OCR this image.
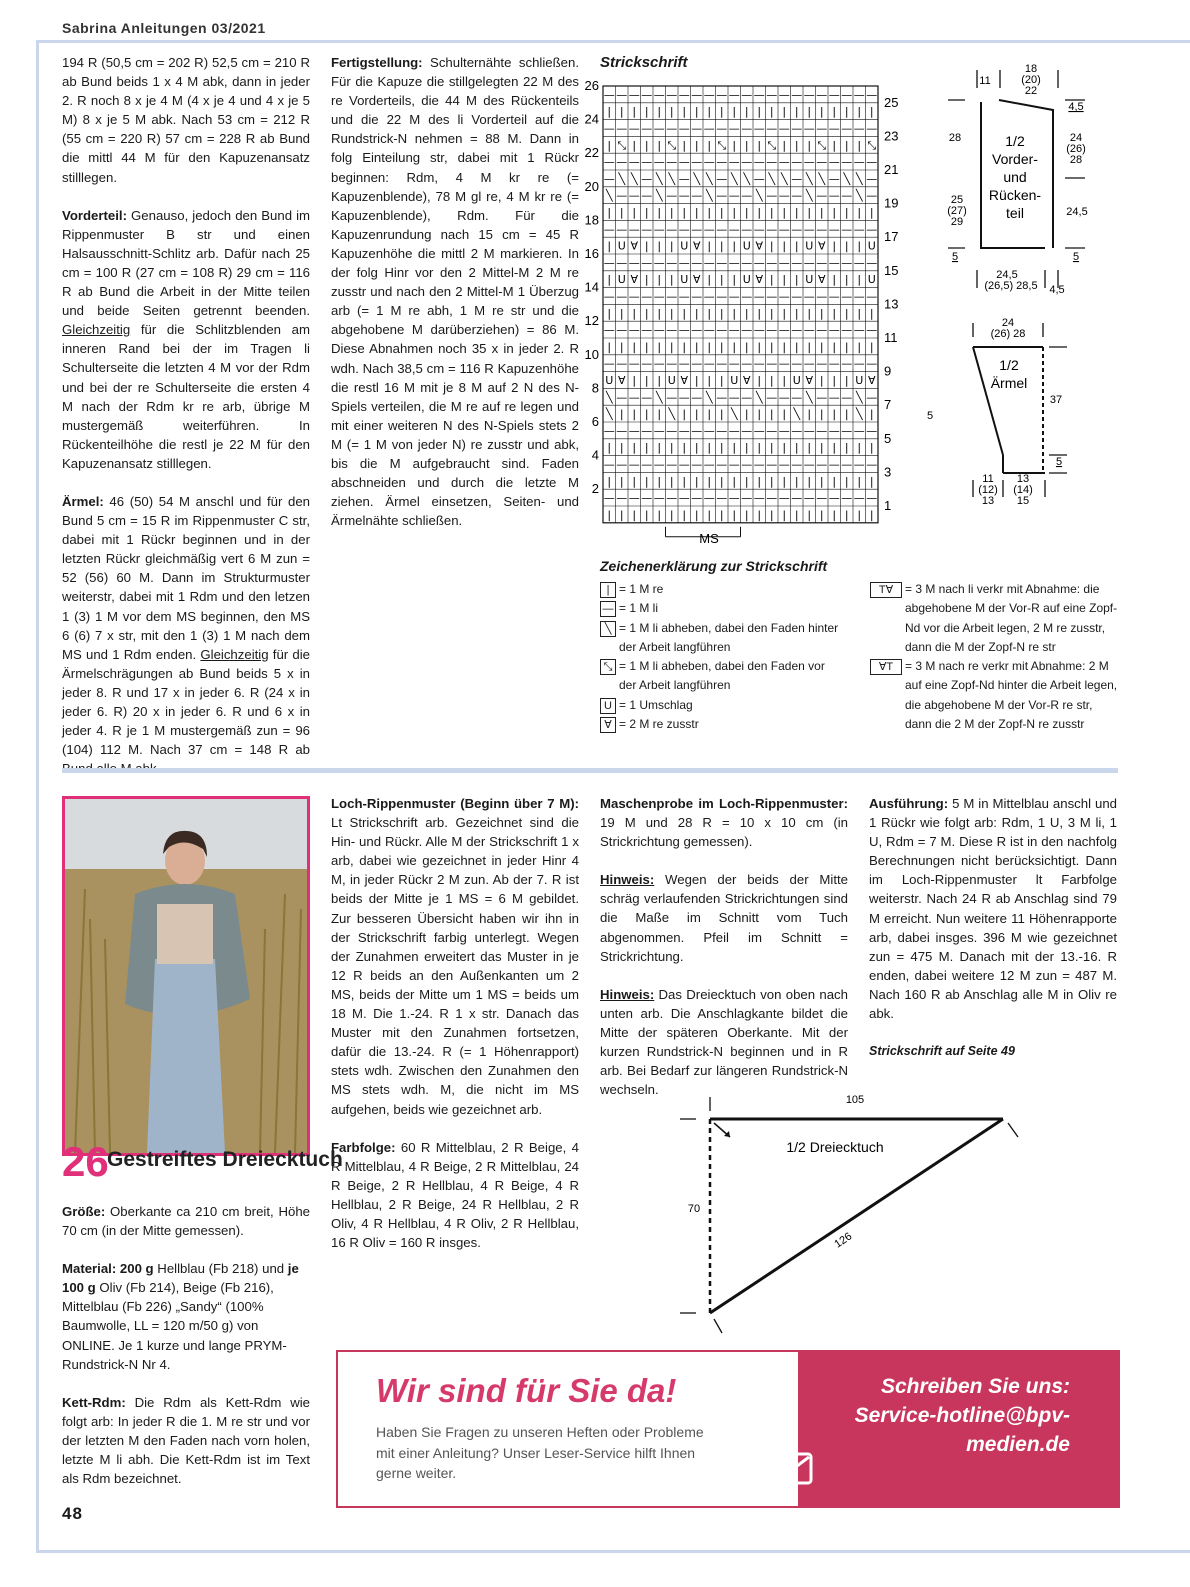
Sabrina Anleitungen 03/2021

194 R (50,5 cm = 202 R) 52,5 cm = 210 R ab Bund beids 1 x 4 M abk, dann in jeder 2. R noch 8 x je 4 M (4 x je 4 und 4 x je 5 M) 8 x je 5 M abk. Nach 53 cm = 212 R (55 cm = 220 R) 57 cm = 228 R ab Bund die mittl 44 M für den Kapuzenansatz stilllegen.

Vorderteil: Genauso, jedoch den Bund im Rippenmuster B str und einen Halsausschnitt-Schlitz arb. Dafür nach 25 cm = 100 R (27 cm = 108 R) 29 cm = 116 R ab Bund die Arbeit in der Mitte teilen und beide Seiten getrennt beenden. Gleichzeitig für die Schlitzblenden am inneren Rand bei der im Tragen li Schulterseite die letzten 4 M vor der Rdm und bei der re Schulterseite die ersten 4 M nach der Rdm kr re arb, übrige M mustergemäß weiterführen. In Rückenteilhöhe die restl je 22 M für den Kapuzenansatz stilllegen.

Ärmel: 46 (50) 54 M anschl und für den Bund 5 cm = 15 R im Rippenmuster C str, dabei mit 1 Rückr beginnen und in der letzten Rückr gleichmäßig vert 6 M zun = 52 (56) 60 M. Dann im Strukturmuster weiterstr, dabei mit 1 Rdm und den letzen 1 (3) 1 M vor dem MS beginnen, den MS 6 (6) 7 x str, mit den 1 (3) 1 M nach dem MS und 1 Rdm enden. Gleichzeitig für die Ärmelschrägungen ab Bund beids 5 x in jeder 8. R und 17 x in jeder 6. R (24 x in jeder 6. R) 20 x in jeder 6. R und 6 x in jeder 4. R je 1 M mustergemäß zun = 96 (104) 112 M. Nach 37 cm = 148 R ab

Fertigstellung: Schulternähte schließen. Für die Kapuze die stillgelegten 22 M des re Vorderteils, die 44 M des Rückenteils und die 22 M des li Vorderteil auf die Rundstrick-N nehmen = 88 M. Dann in folg Einteilung str, dabei mit 1 Rückr beginnen: Rdm, 4 M kr re (= Kapuzenblende), 78 M gl re, 4 M kr re (= Kapuzenblende), Rdm. Für die Kapuzenrundung nach 15 cm = 45 R Kapuzenhöhe die mittl 2 M markieren. In der folg Hinr vor den 2 Mittel-M 2 M re zusstr und nach den 2 Mittel-M 1 Überzug arb (= 1 M re abh, 1 M re str und die abgehobene M darüberziehen) = 86 M. Diese Abnahmen noch 35 x in jeder 2. R wdh. Nach 38,5 cm = 116 R Kapuzenhöhe die restl 16 M mit je 8 M auf 2 N des N-Spiels verteilen, die M re auf re legen und mit einer weiteren N des N-Spiels stets 2 M (= 1 M von jeder N) re zusstr und abk, bis die M aufgebraucht sind. Faden abschneiden und durch die letzte M ziehen. Ärmel einsetzen, Seiten- und Ärmelnähte schließen.

Strickschrift
| | | | | | | | | | | | | | | | | | | | | |
— — — — — — — — — — — — — — — — — — — — — —
| | | | | | | | | | | | | | | | | | | | | |
— — — — — — — — — — — — — — — — — — — — — —
| | | | | | | | | | | | | | | | | | | | | |
— — — — — — — — — — — — — — — — — — — — — —
╲ | | | | ╲ | | | | ╲ | | | | ╲ | | | | ╲ |
╲ — — — ╲ — — — ╲ — — — ╲ — — — ╲ — — — ╲ —
U ∀ | | | U ∀ | | | U ∀ | | | U ∀ | | | U ∀
— — — — — — — — — — — — — — — — — — — — — —
| | | | | | | | | | | | | | | | | | | | | |
— — — — — — — — — — — — — — — — — — — — — —
| | | | | | | | | | | | | | | | | | | | | |
— — — — — — — — — — — — — — — — — — — — — —
| U ∀ | | | U ∀ | | | U ∀ | | | U ∀ | | | U
— — — — — — — — — — — — — — — — — — — — — —
| U ∀ | | | U ∀ | | | U ∀ | | | U ∀ | | | U
— — — — — — — — — — — — — — — — — — — — — —
| | | | | | | | | | | | | | | | | | | | | |
╲ — — — ╲ — — — ╲ — — — ╲ — — — ╲ — — — ╲ —
— ╲ ╲ — ╲ ╲ — ╲ ╲ — ╲ ╲ — ╲ ╲ — ╲ ╲ — ╲ ╲ —
— — — — — — — — — — — — — — — — — — — — — —
| ⤡ | | | ⤡ | | | ⤡ | | | ⤡ | | | ⤡ | | | ⤡
— — — — — — — — — — — — — — — — — — — — — —
| | | | | | | | | | | | | | | | | | | | | |
— — — — — — — — — — — — — — — — — — — — — —
26
24
22
20
18
16
14
12
10
8
6
4
2
25
23
21
19
17
15
13
11
9
7
5
3
1
MS
Zeichenerklärung zur Strickschrift
| = 1 M re
— = 1 M li
╲ = 1 M li abheben, dabei den Faden hinter der Arbeit langführen
⤡ = 1 M li abheben, dabei den Faden vor der Arbeit langführen
U = 1 Umschlag
∀ = 2 M re zusstr
T∀ = 3 M nach li verkr mit Abnahme: die abgehobene M der Vor-R auf eine Zopf-Nd vor die Arbeit legen, 2 M re zusstr, dann die M der Zopf-N re str
∀T = 3 M nach re verkr mit Abnahme: 2 M auf eine Zopf-Nd hinter die Arbeit legen, die abgehobene M der Vor-R re str, dann die 2 M der Zopf-N re zusstr
11
18
(20)
22
4,5
24
(26)
28
28
25
(27)
29
24,5
5	5
24,5
(26,5) 28,5 4,5
1/2
Vorder-
und
Rücken-
teil
24
(26) 28
37
5
11
(12)
13
13
(14)
15
5
1/2
Ärmel
26
Gestreiftes Dreiecktuch

Größe: Oberkante ca 210 cm breit, Höhe 70 cm (in der Mitte gemessen).

Material: 200 g Hellblau (Fb 218) und je 100 g Oliv (Fb 214), Beige (Fb 216), Mittelblau (Fb 226) „Sandy“ (100% Baumwolle, LL = 120 m/50 g) von ONLINE. Je 1 kurze und lange PRYM-Rundstrick-N Nr 4.

Kett-Rdm: Die Rdm als Kett-Rdm wie folgt arb: In jeder R die 1. M re str und vor der letzten M den Faden nach vorn holen, letzte M li abh. Die Kett-Rdm ist im Text als Rdm bezeichnet.

Loch-Rippenmuster (Beginn über 7 M): Lt Strickschrift arb. Gezeichnet sind die Hin- und Rückr. Alle M der Strickschrift 1 x arb, dabei wie gezeichnet in jeder Hinr 4 M, in jeder Rückr 2 M zun. Ab der 7. R ist beids der Mitte je 1 MS = 6 M gebildet. Zur besseren Übersicht haben wir ihn in der Strickschrift farbig unterlegt. Wegen der Zunahmen erweitert das Muster in je 12 R beids an den Außenkanten um 2 MS, beids der Mitte um 1 MS = beids um 18 M. Die 1.-24. R 1 x str. Danach das Muster mit den Zunahmen fortsetzen, dafür die 13.-24. R (= 1 Höhenrapport) stets wdh. Zwischen den Zunahmen den MS stets wdh. M, die nicht im MS aufgehen, beids wie gezeichnet arb.

Farbfolge: 60 R Mittelblau, 2 R Beige, 4 R Mittelblau, 4 R Beige, 2 R Mittelblau, 24 R Beige, 2 R Hellblau, 4 R Beige, 4 R Hellblau, 2 R Beige, 24 R Hellblau, 2 R Oliv, 4 R Hellblau, 4 R Oliv, 2 R Hellblau, 16 R Oliv = 160 R insges.

Maschenprobe im Loch-Rippenmuster: 19 M und 28 R = 10 x 10 cm (in Strickrichtung gemessen).

Hinweis: Wegen der beids der Mitte schräg verlaufenden Strickrichtungen sind die Maße im Schnitt vom Tuch abgenommen. Pfeil im Schnitt = Strickrichtung.

Hinweis: Das Dreiecktuch von oben nach unten arb. Die Anschlagkante bildet die Mitte der späteren Oberkante. Mit der kurzen Rundstrick-N beginnen und in R arb. Bei Bedarf zur längeren Rundstrick-N wechseln.

Ausführung: 5 M in Mittelblau anschl und 1 Rückr wie folgt arb: Rdm, 1 U, 3 M li, 1 U, Rdm = 7 M. Diese R ist in den nachfolg Berechnungen nicht berücksichtigt. Dann im Loch-Rippenmuster lt Farbfolge weiterstr. Nach 24 R ab Anschlag sind 79 M erreicht. Nun weitere 11 Höhenrapporte arb, dabei insges. 396 M wie gezeichnet zun = 475 M. Danach mit der 13.-16. R enden, dabei weitere 12 M zun = 487 M. Nach 160 R ab Anschlag alle M in Oliv re abk.

Strickschrift auf Seite 49

105
70
126
1/2 Dreiecktuch
Wir sind für Sie da!
Haben Sie Fragen zu unseren Heften oder Probleme mit einer Anleitung? Unser Leser-Service hilft Ihnen gerne weiter.
Schreiben Sie uns:
Service-hotline@bpv-
medien.de
48
